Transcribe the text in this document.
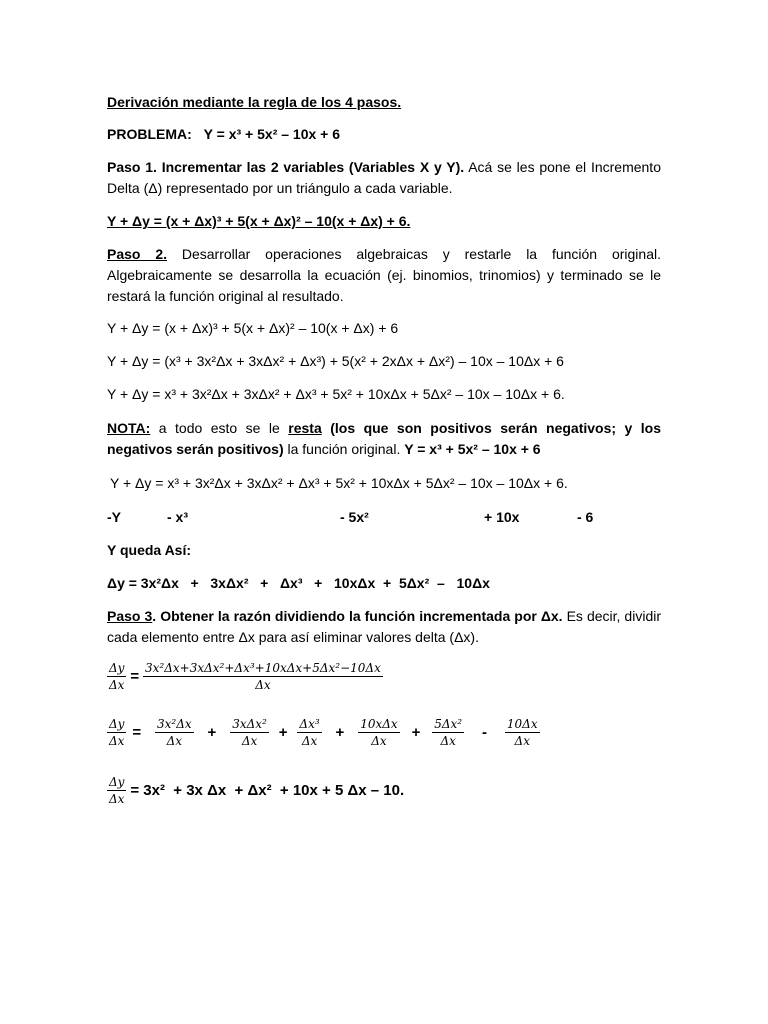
Derivación mediante la regla de los 4 pasos.
PROBLEMA: Y = x³ + 5x² – 10x + 6
Paso 1. Incrementar las 2 variables (Variables X y Y). Acá se les pone el Incremento Delta (Δ) representado por un triángulo a cada variable.
Y + Δy = (x + Δx)³ + 5(x + Δx)² – 10(x + Δx) + 6.
Paso 2. Desarrollar operaciones algebraicas y restarle la función original. Algebraicamente se desarrolla la ecuación (ej. binomios, trinomios) y terminado se le restará la función original al resultado.
Y + Δy = (x + Δx)³ + 5(x + Δx)² – 10(x + Δx) + 6
Y + Δy = (x³ + 3x²Δx + 3xΔx² + Δx³) + 5(x² + 2xΔx + Δx²) – 10x – 10Δx + 6
Y + Δy = x³ + 3x²Δx + 3xΔx² + Δx³ + 5x² + 10xΔx + 5Δx² – 10x – 10Δx + 6.
NOTA: a todo esto se le resta (los que son positivos serán negativos; y los negativos serán positivos) la función original. Y = x³ + 5x² – 10x + 6
Y + Δy = x³ + 3x²Δx + 3xΔx² + Δx³ + 5x² + 10xΔx + 5Δx² – 10x – 10Δx + 6.
-Y	- x³	- 5x²	+ 10x	- 6
Y queda Así:
Δy = 3x²Δx   +   3xΔx²   +   Δx³   +   10xΔx  +  5Δx²  –   10Δx
Paso 3. Obtener la razón dividiendo la función incrementada por Δx. Es decir, dividir cada elemento entre Δx para así eliminar valores delta (Δx).
$\frac{\Delta y}{\Delta x} = \frac{\text{3x²Δx+3xΔx²+Δx³+10xΔx+5Δx²−10Δx}}{\Delta x}$
$\frac{\Delta y}{\Delta x} = \frac{\text{3x²Δx}}{\Delta x} + \frac{\text{3xΔx²}}{\Delta x} + \frac{\text{Δx³}}{\Delta x} + \frac{\text{10xΔx}}{\Delta x} + \frac{\text{5Δx²}}{\Delta x} - \frac{10\Delta x}{\Delta x}$
$\frac{\Delta y}{\Delta x} = 3x^2 + 3x$ Δx  + Δx²  + 10x + 5 Δx – 10.
